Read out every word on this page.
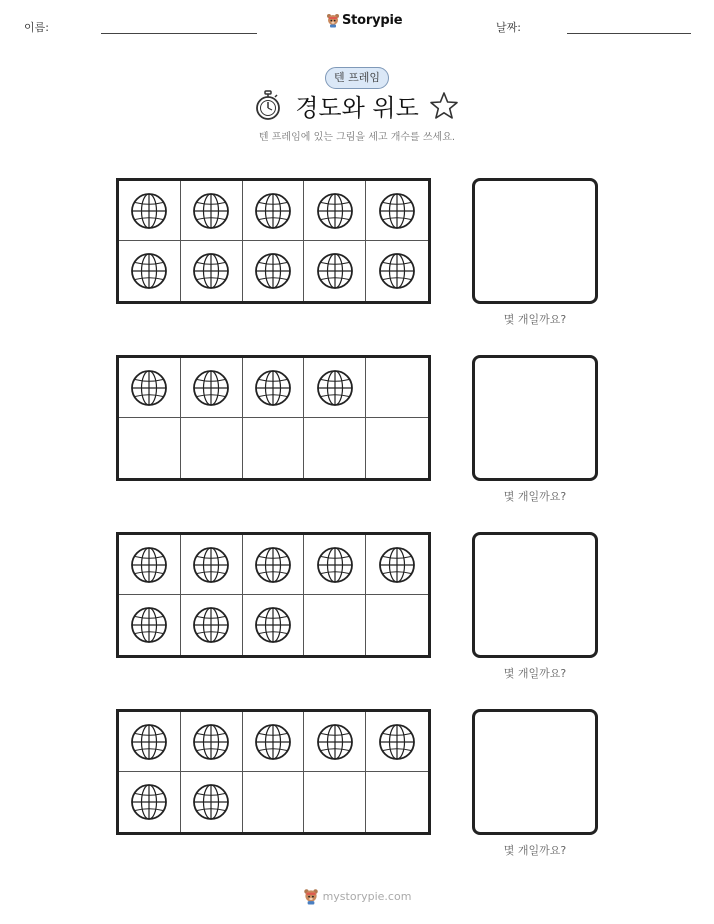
이름:	Storypie	날짜:
텐 프레임
경도와 위도
텐 프레임에 있는 그림을 세고 개수를 쓰세요.
몇 개일까요?
몇 개일까요?
몇 개일까요?
몇 개일까요?
mystorypie.com
